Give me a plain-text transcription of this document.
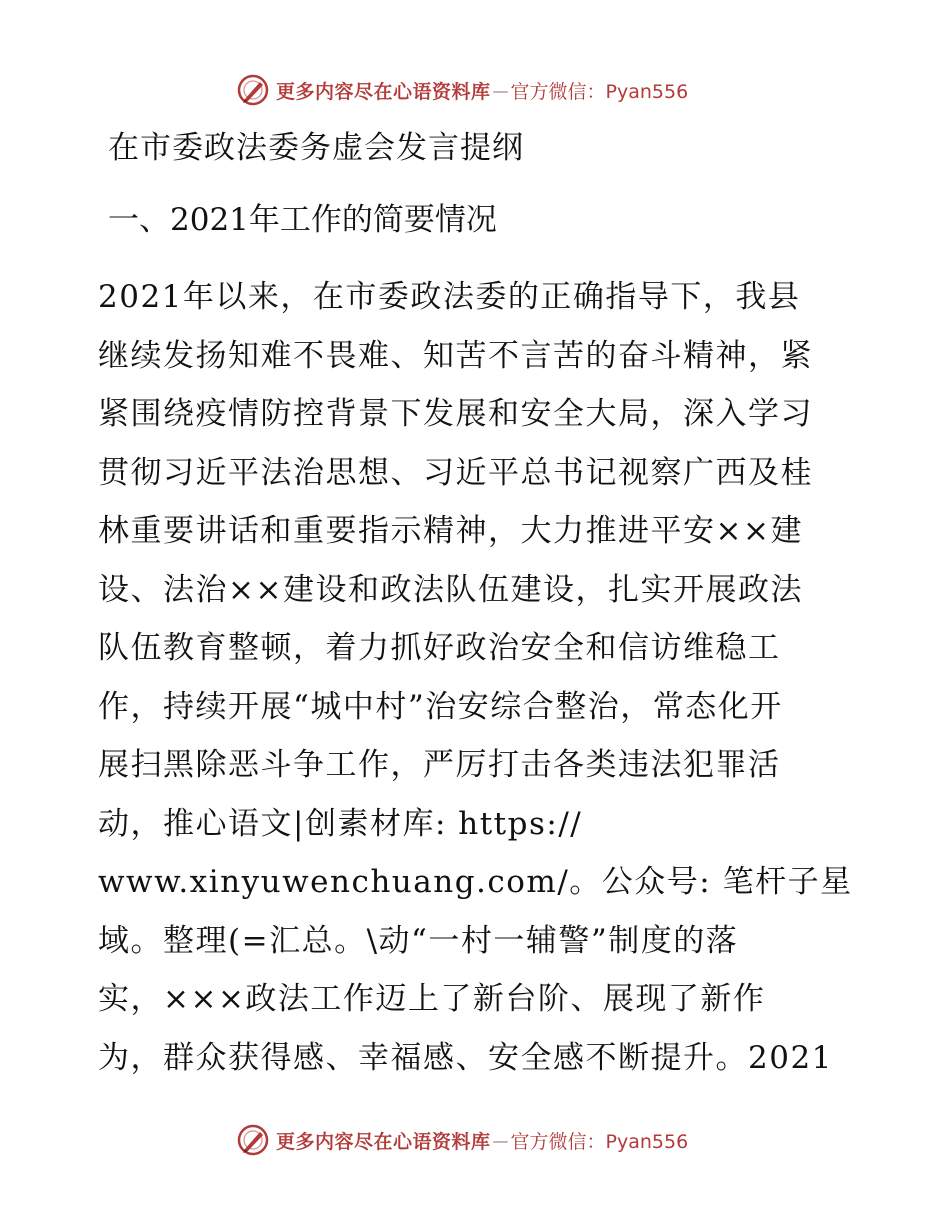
更多内容尽在心语资料库 — 官方微信：Pyan556
在市委政法委务虚会发言提纲
一、2021年工作的简要情况
2021年以来，在市委政法委的正确指导下，我县
继续发扬知难不畏难、知苦不言苦的奋斗精神，紧
紧围绕疫情防控背景下发展和安全大局，深入学习
贯彻习近平法治思想、习近平总书记视察广西及桂
林重要讲话和重要指示精神，大力推进平安××建
设、法治××建设和政法队伍建设，扎实开展政法
队伍教育整顿，着力抓好政治安全和信访维稳工
作，持续开展“城中村”治安综合整治，常态化开
展扫黑除恶斗争工作，严厉打击各类违法犯罪活
动，推心语文|创素材库: https://
www.xinyuwenchuang.com/。公众号: 笔杆子星
域。整理(=汇总。\动“一村一辅警”制度的落
实，×××政法工作迈上了新台阶、展现了新作
为，群众获得感、幸福感、安全感不断提升。2021
更多内容尽在心语资料库 — 官方微信：Pyan556
